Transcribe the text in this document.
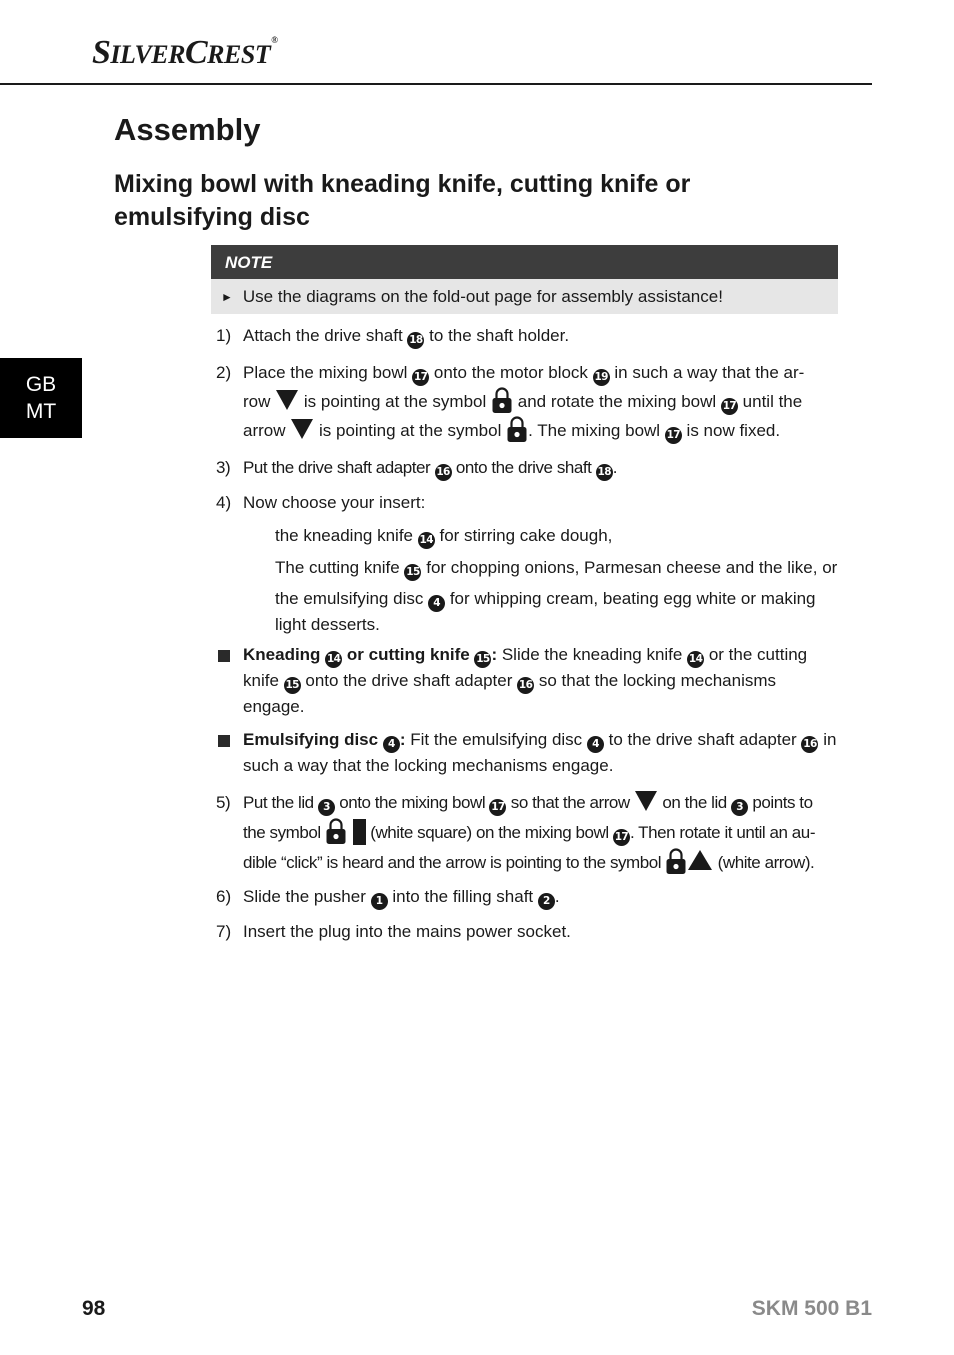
SILVERCREST®
GB
MT
Assembly
Mixing bowl with kneading knife, cutting knife or emulsifying disc
NOTE
► Use the diagrams on the fold-out page for assembly assistance!
1) Attach the drive shaft 18 to the shaft holder.
2) Place the mixing bowl 17 onto the motor block 19 in such a way that the ar-
row is pointing at the symbol and rotate the mixing bowl 17 until the
arrow is pointing at the symbol . The mixing bowl 17 is now fixed.
3) Put the drive shaft adapter 16 onto the drive shaft 18 .
4) Now choose your insert:
the kneading knife 14 for stirring cake dough,
The cutting knife 15 for chopping onions, Parmesan cheese and the like, or
the emulsifying disc 4 for whipping cream, beating egg white or making light desserts.
Kneading 14 or cutting knife 15 : Slide the kneading knife 14 or the cutting knife 15 onto the drive shaft adapter 16 so that the locking mechanisms engage.
Emulsifying disc 4 : Fit the emulsifying disc 4 to the drive shaft adapter 16 in such a way that the locking mechanisms engage.
5) Put the lid 3 onto the mixing bowl 17 so that the arrow on the lid 3 points to
the symbol	(white square) on the mixing bowl 17 . Then rotate it until an au-
dible “click” is heard and the arrow is pointing to the symbol	(white arrow).
6) Slide the pusher 1 into the filling shaft 2 .
7) Insert the plug into the mains power socket.
98	SKM 500 B1
